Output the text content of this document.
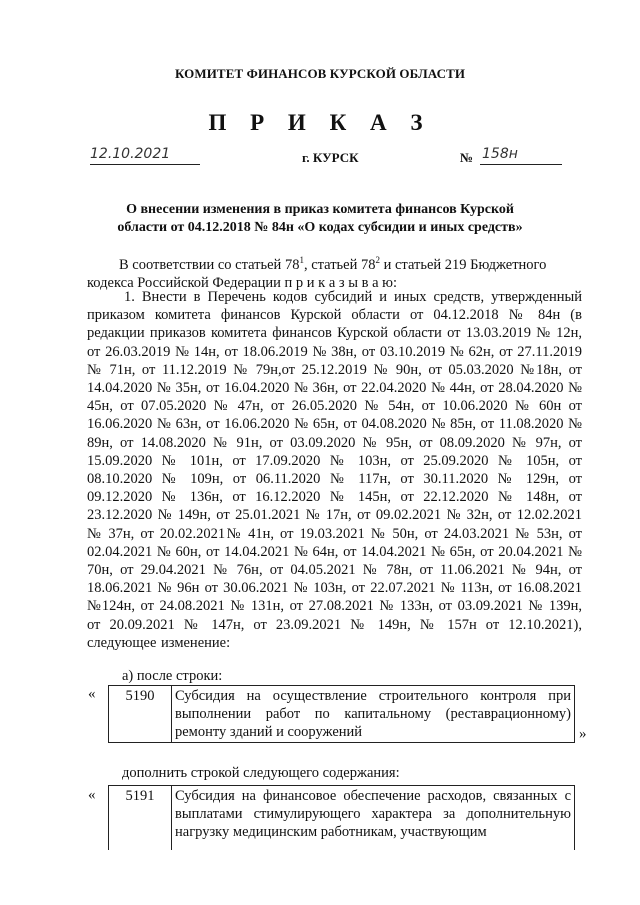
КОМИТЕТ ФИНАНСОВ КУРСКОЙ ОБЛАСТИ
П Р И К А З
12.10.2021	г. КУРСК	№ 158н
О внесении изменения в приказ комитета финансов Курской
области от 04.12.2018 № 84н «О кодах субсидии и иных средств»
В соответствии со статьей $78^1$, статьей $78^2$ и статьей 219 Бюджетного кодекса Российской Федерации п р и к а з ы в а ю:
1. Внести в Перечень кодов субсидий и иных средств, утвержденный приказом комитета финансов Курской области от 04.12.2018 № 84н (в редакции приказов комитета финансов Курской области от 13.03.2019 № 12н, от 26.03.2019 № 14н, от 18.06.2019 № 38н, от 03.10.2019 № 62н, от 27.11.2019 № 71н, от 11.12.2019 № 79н,от 25.12.2019 № 90н, от 05.03.2020 №18н, от 14.04.2020 № 35н, от 16.04.2020 № 36н, от 22.04.2020 № 44н, от 28.04.2020 № 45н, от 07.05.2020 № 47н, от 26.05.2020 № 54н, от 10.06.2020 № 60н от 16.06.2020 № 63н, от 16.06.2020 № 65н, от 04.08.2020 № 85н, от 11.08.2020 № 89н, от 14.08.2020 № 91н, от 03.09.2020 № 95н, от 08.09.2020 № 97н, от 15.09.2020 № 101н, от 17.09.2020 № 103н, от 25.09.2020 № 105н, от 08.10.2020 № 109н, от 06.11.2020 № 117н, от 30.11.2020 № 129н, от 09.12.2020 № 136н, от 16.12.2020 № 145н, от 22.12.2020 № 148н, от 23.12.2020 № 149н, от 25.01.2021 № 17н, от 09.02.2021 № 32н, от 12.02.2021 № 37н, от 20.02.2021№ 41н, от 19.03.2021 № 50н, от 24.03.2021 № 53н, от 02.04.2021 № 60н, от 14.04.2021 № 64н, от 14.04.2021 № 65н, от 20.04.2021 № 70н, от 29.04.2021 № 76н, от 04.05.2021 № 78н, от 11.06.2021 № 94н, от 18.06.2021 № 96н от 30.06.2021 № 103н, от 22.07.2021 № 113н, от 16.08.2021 №124н, от 24.08.2021 № 131н, от 27.08.2021 № 133н, от 03.09.2021 № 139н, от 20.09.2021 № 147н, от 23.09.2021 № 149н, № 157н от 12.10.2021), следующее изменение:
а) после строки:
« 5190	Субсидия на осуществление строительного контроля при выполнении работ по капитальному (реставрационному) ремонту зданий и сооружений	»
дополнить строкой следующего содержания:
« 5191	Субсидия на финансовое обеспечение расходов, связанных с выплатами стимулирующего характера за дополнительную нагрузку медицинским работникам, участвующим
